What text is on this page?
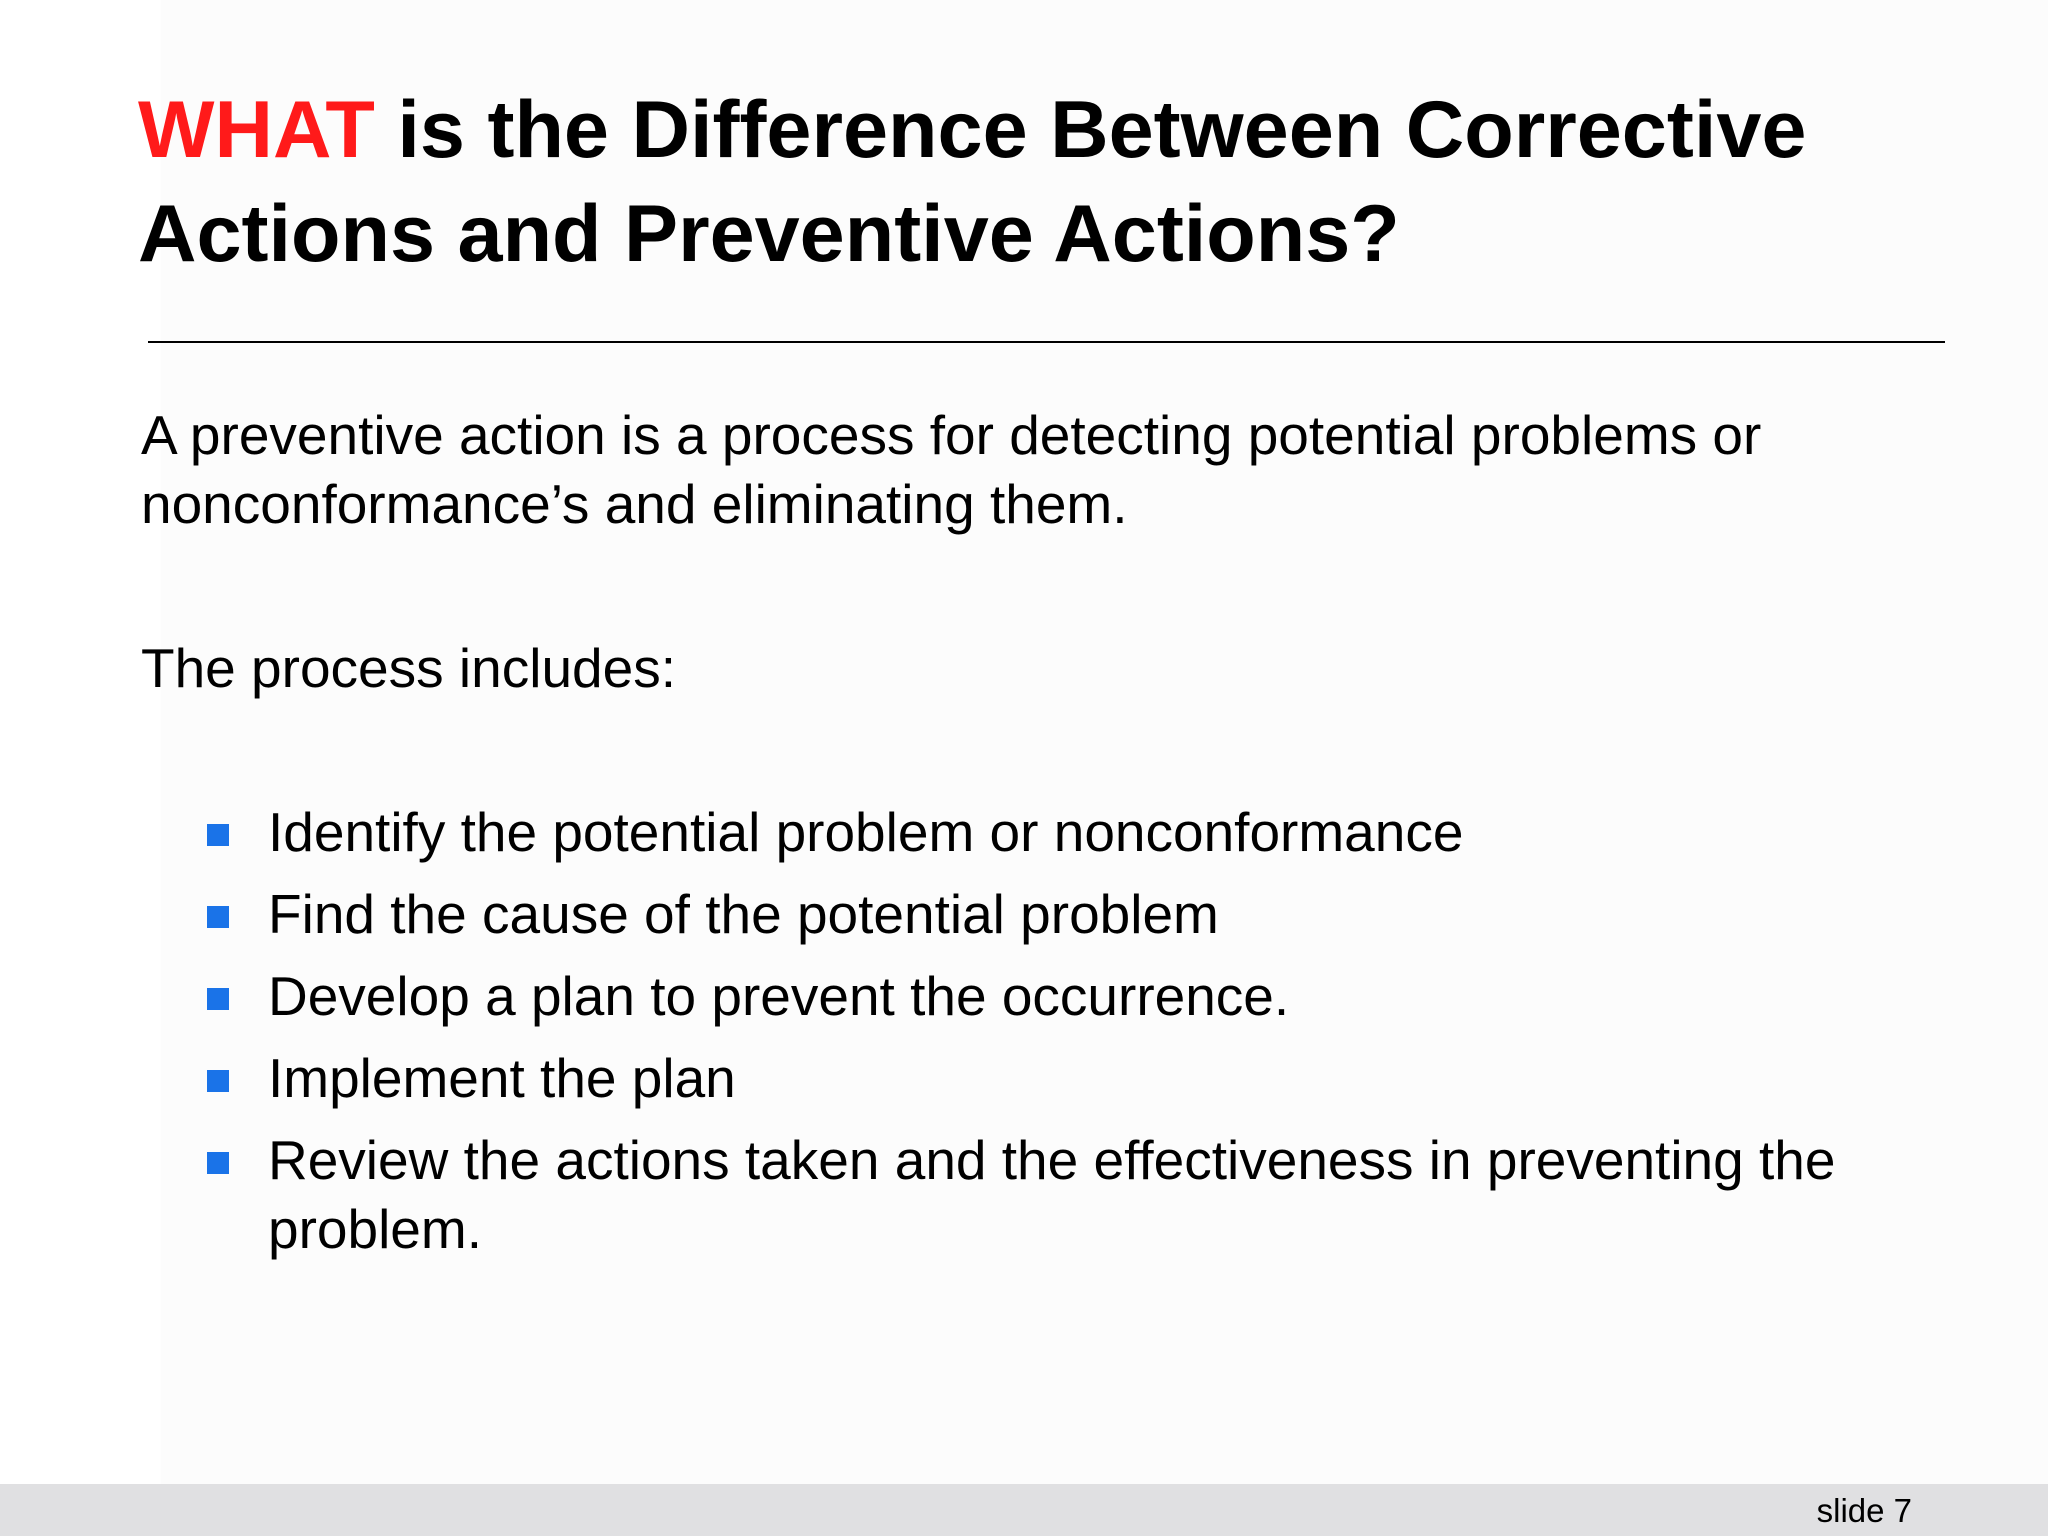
WHAT is the Difference Between Corrective Actions and Preventive Actions?

A preventive action is a process for detecting potential problems or nonconformance’s and eliminating them.

The process includes:

Identify the potential problem or nonconformance
Find the cause of the potential problem
Develop a plan to prevent the occurrence.
Implement the plan
Review the actions taken and the effectiveness in preventing the problem.
slide 7
